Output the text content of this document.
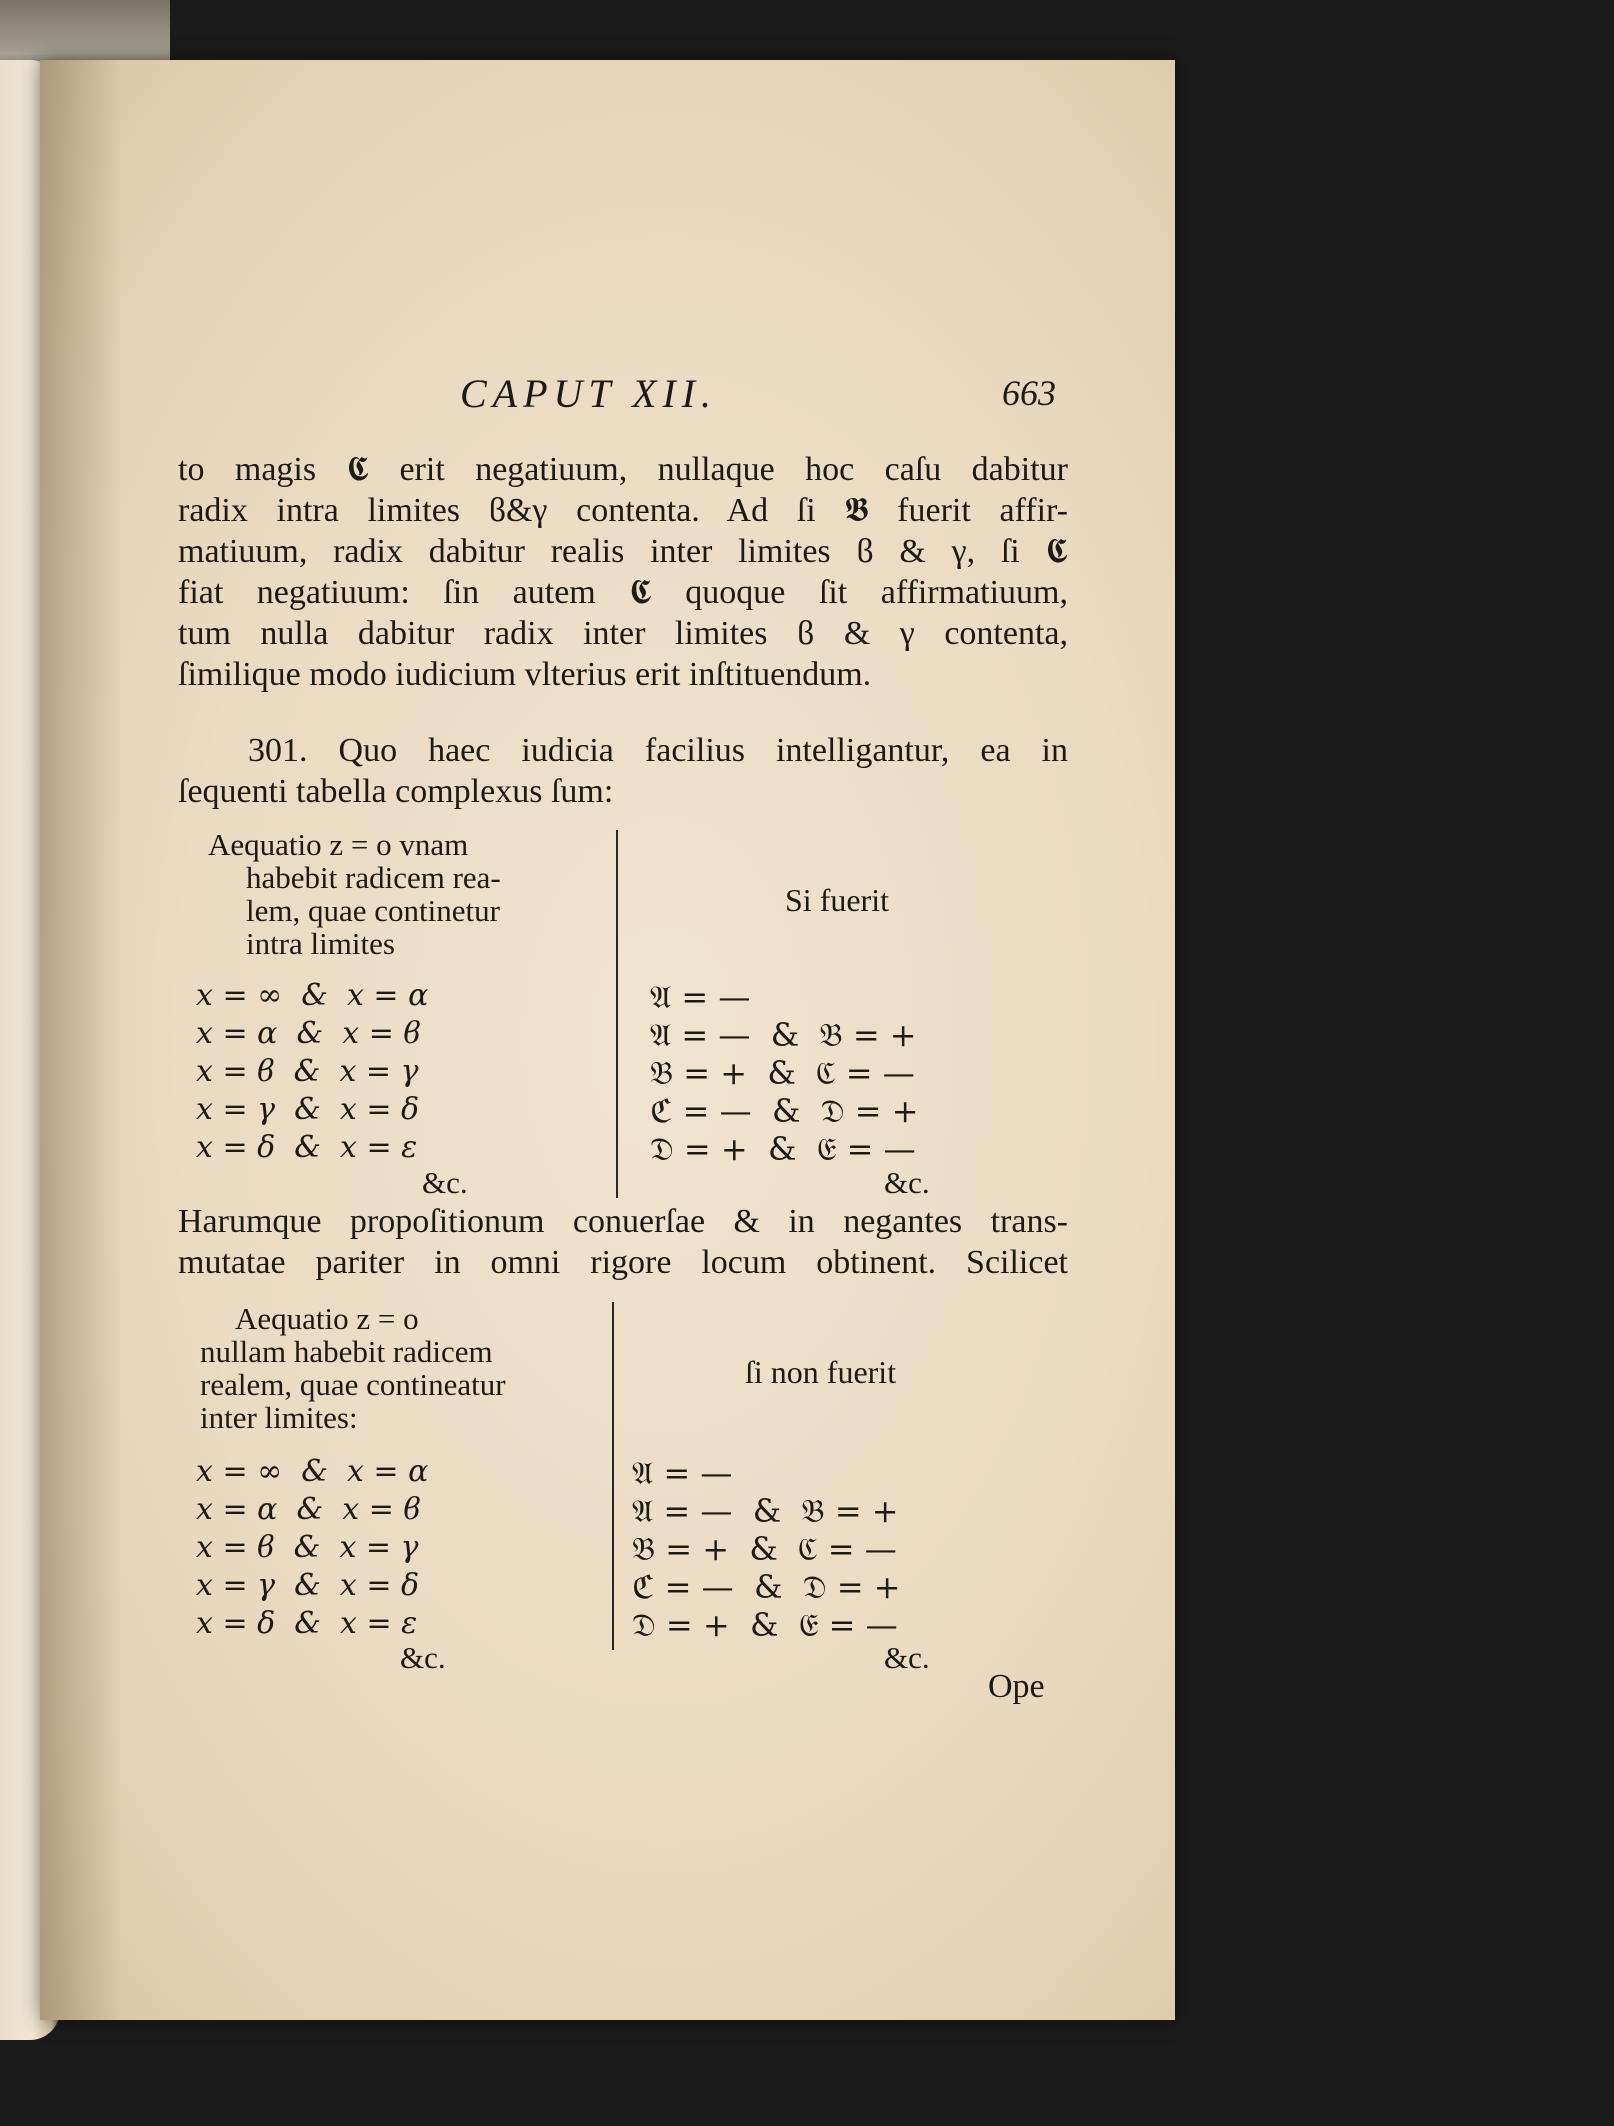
CAPUT XII.	663
to magis 𝕮 erit negatiuum, nullaque hoc caſu dabitur
radix intra limites ϐ&γ contenta. Ad ſi 𝕭 fuerit affir-
matiuum, radix dabitur realis inter limites ϐ & γ, ſi 𝕮
fiat negatiuum: ſin autem 𝕮 quoque ſit affirmatiuum,
tum nulla dabitur radix inter limites ϐ & γ contenta,
ſimilique modo iudicium vlterius erit inſtituendum.
301. Quo haec iudicia facilius intelligantur, ea in
ſequenti tabella complexus ſum:
Aequatio z = o vnam
habebit radicem rea-
lem, quae continetur
intra limites
Si fuerit
x = ∞  &  x = α
x = α  &  x = ϐ
x = ϐ  &  x = γ
x = γ  &  x = δ
x = δ  &  x = ε
&c.
𝔄 = —
𝔄 = —  &  𝔅 = +
𝔅 = +  &  ℭ = —
ℭ = —  &  𝔇 = +
𝔇 = +  &  𝔈 = —
&c.
Harumque propoſitionum conuerſae & in negantes trans-
mutatae pariter in omni rigore locum obtinent. Scilicet
Aequatio z = o
nullam habebit radicem
realem, quae contineatur
inter limites:
ſi non fuerit
x = ∞  &  x = α
x = α  &  x = ϐ
x = ϐ  &  x = γ
x = γ  &  x = δ
x = δ  &  x = ε
&c.
𝔄 = —
𝔄 = —  &  𝔅 = +
𝔅 = +  &  ℭ = —
ℭ = —  &  𝔇 = +
𝔇 = +  &  𝔈 = —
&c.
Ope
